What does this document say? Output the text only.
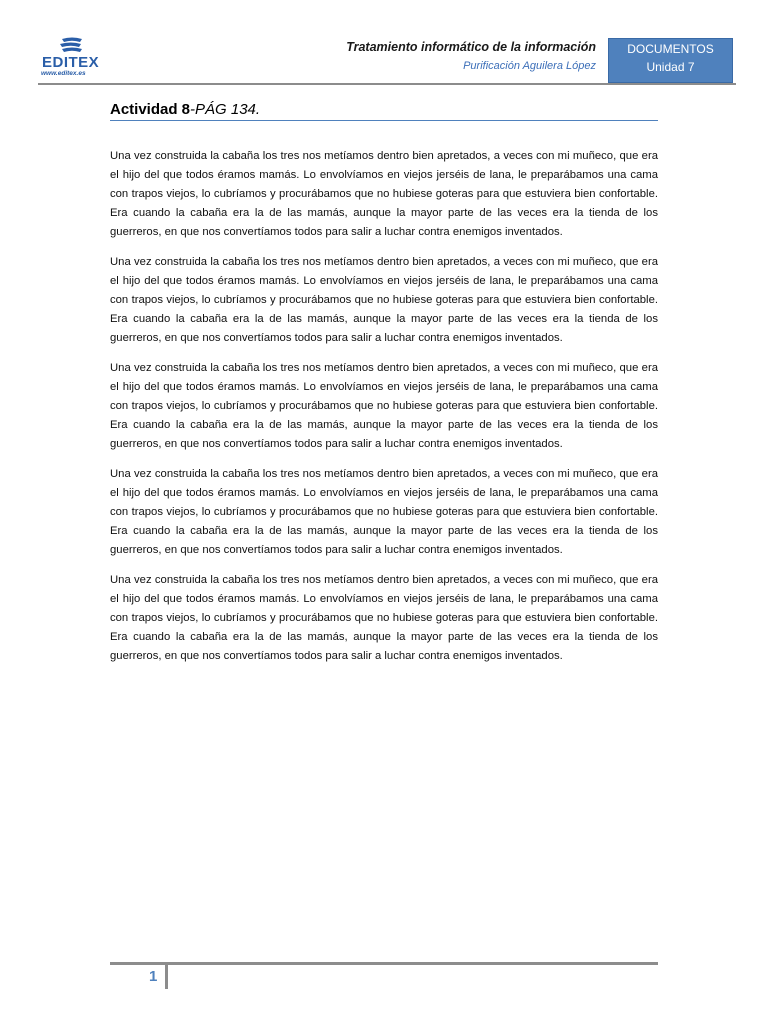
EDITEX
www.editex.es
Tratamiento informático de la información
Purificación Aguilera López
DOCUMENTOS
Unidad 7
Actividad 8-PÁG 134.

Una vez construida la cabaña los tres nos metíamos dentro bien apretados, a veces con mi muñeco, que era el hijo del que todos éramos mamás. Lo envolvíamos en viejos jerséis de lana, le preparábamos una cama con trapos viejos, lo cubríamos y procurábamos que no hubiese goteras para que estuviera bien confortable. Era cuando la cabaña era la de las mamás, aunque la mayor parte de las veces era la tienda de los guerreros, en que nos convertíamos todos para salir a luchar contra enemigos inventados.

Una vez construida la cabaña los tres nos metíamos dentro bien apretados, a veces con mi muñeco, que era el hijo del que todos éramos mamás. Lo envolvíamos en viejos jerséis de lana, le preparábamos una cama con trapos viejos, lo cubríamos y procurábamos que no hubiese goteras para que estuviera bien confortable. Era cuando la cabaña era la de las mamás, aunque la mayor parte de las veces era la tienda de los guerreros, en que nos convertíamos todos para salir a luchar contra enemigos inventados.

Una vez construida la cabaña los tres nos metíamos dentro bien apretados, a veces con mi muñeco, que era el hijo del que todos éramos mamás. Lo envolvíamos en viejos jerséis de lana, le preparábamos una cama con trapos viejos, lo cubríamos y procurábamos que no hubiese goteras para que estuviera bien confortable. Era cuando la cabaña era la de las mamás, aunque la mayor parte de las veces era la tienda de los guerreros, en que nos convertíamos todos para salir a luchar contra enemigos inventados.

Una vez construida la cabaña los tres nos metíamos dentro bien apretados, a veces con mi muñeco, que era el hijo del que todos éramos mamás. Lo envolvíamos en viejos jerséis de lana, le preparábamos una cama con trapos viejos, lo cubríamos y procurábamos que no hubiese goteras para que estuviera bien confortable. Era cuando la cabaña era la de las mamás, aunque la mayor parte de las veces era la tienda de los guerreros, en que nos convertíamos todos para salir a luchar contra enemigos inventados.

Una vez construida la cabaña los tres nos metíamos dentro bien apretados, a veces con mi muñeco, que era el hijo del que todos éramos mamás. Lo envolvíamos en viejos jerséis de lana, le preparábamos una cama con trapos viejos, lo cubríamos y procurábamos que no hubiese goteras para que estuviera bien confortable. Era cuando la cabaña era la de las mamás, aunque la mayor parte de las veces era la tienda de los guerreros, en que nos convertíamos todos para salir a luchar contra enemigos inventados.

1
